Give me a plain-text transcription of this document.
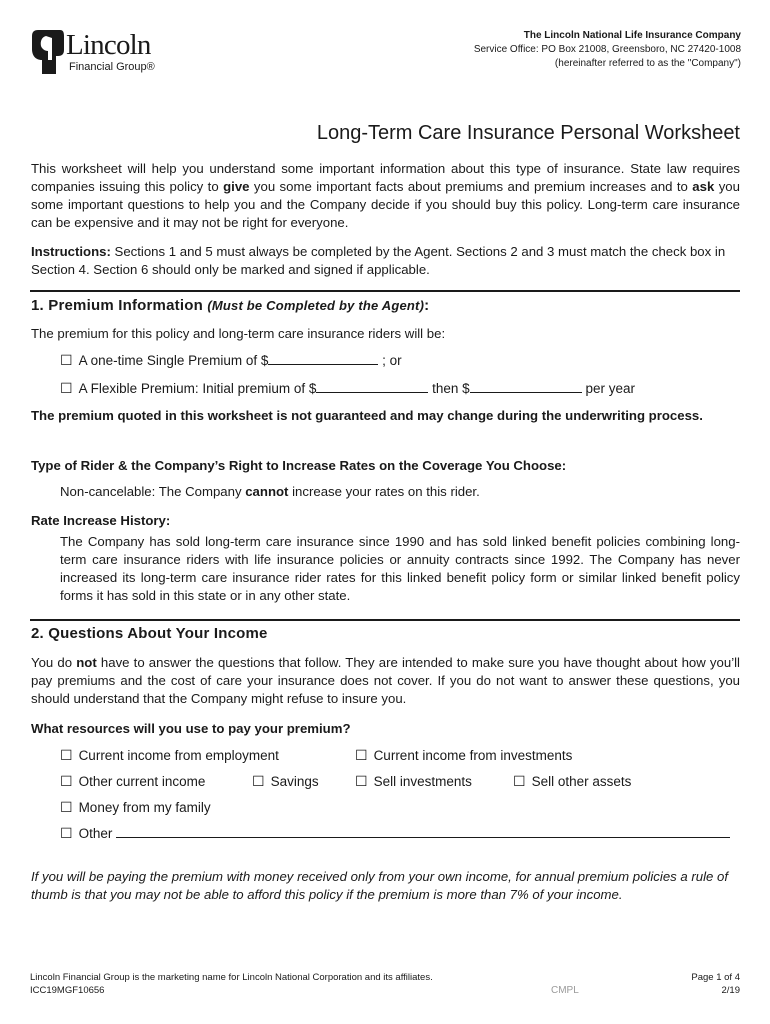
Lincoln
Financial Group®
The Lincoln National Life Insurance Company
Service Office: PO Box 21008, Greensboro, NC 27420-1008
(hereinafter referred to as the "Company")
Long-Term Care Insurance Personal Worksheet
This worksheet will help you understand some important information about this type of insurance. State law requires companies issuing this policy to give you some important facts about premiums and premium increases and to ask you some important questions to help you and the Company decide if you should buy this policy. Long-term care insurance can be expensive and it may not be right for everyone.
Instructions: Sections 1 and 5 must always be completed by the Agent. Sections 2 and 3 must match the check box in Section 4. Section 6 should only be marked and signed if applicable.
1. Premium Information (Must be Completed by the Agent):
The premium for this policy and long-term care insurance riders will be:
☐ A one-time Single Premium of $	; or
☐ A Flexible Premium: Initial premium of $	then $	per year
The premium quoted in this worksheet is not guaranteed and may change during the underwriting process.
Type of Rider & the Company’s Right to Increase Rates on the Coverage You Choose:
Non-cancelable: The Company cannot increase your rates on this rider.
Rate Increase History:
The Company has sold long-term care insurance since 1990 and has sold linked benefit policies combining long-term care insurance riders with life insurance policies or annuity contracts since 1992. The Company has never increased its long-term care insurance rider rates for this linked benefit policy form or similar linked benefit policy forms it has sold in this state or in any other state.
2. Questions About Your Income
You do not have to answer the questions that follow. They are intended to make sure you have thought about how you’ll pay premiums and the cost of care your insurance does not cover. If you do not want to answer these questions, you should understand that the Company might refuse to insure you.
What resources will you use to pay your premium?
☐ Current income from employment	☐ Current income from investments
☐ Other current income	☐ Savings	☐ Sell investments	☐ Sell other assets
☐ Money from my family
☐ Other
If you will be paying the premium with money received only from your own income, for annual premium policies a rule of thumb is that you may not be able to afford this policy if the premium is more than 7% of your income.
Lincoln Financial Group is the marketing name for Lincoln National Corporation and its affiliates.
ICC19MGF10656	CMPL
Page 1 of 4
2/19
